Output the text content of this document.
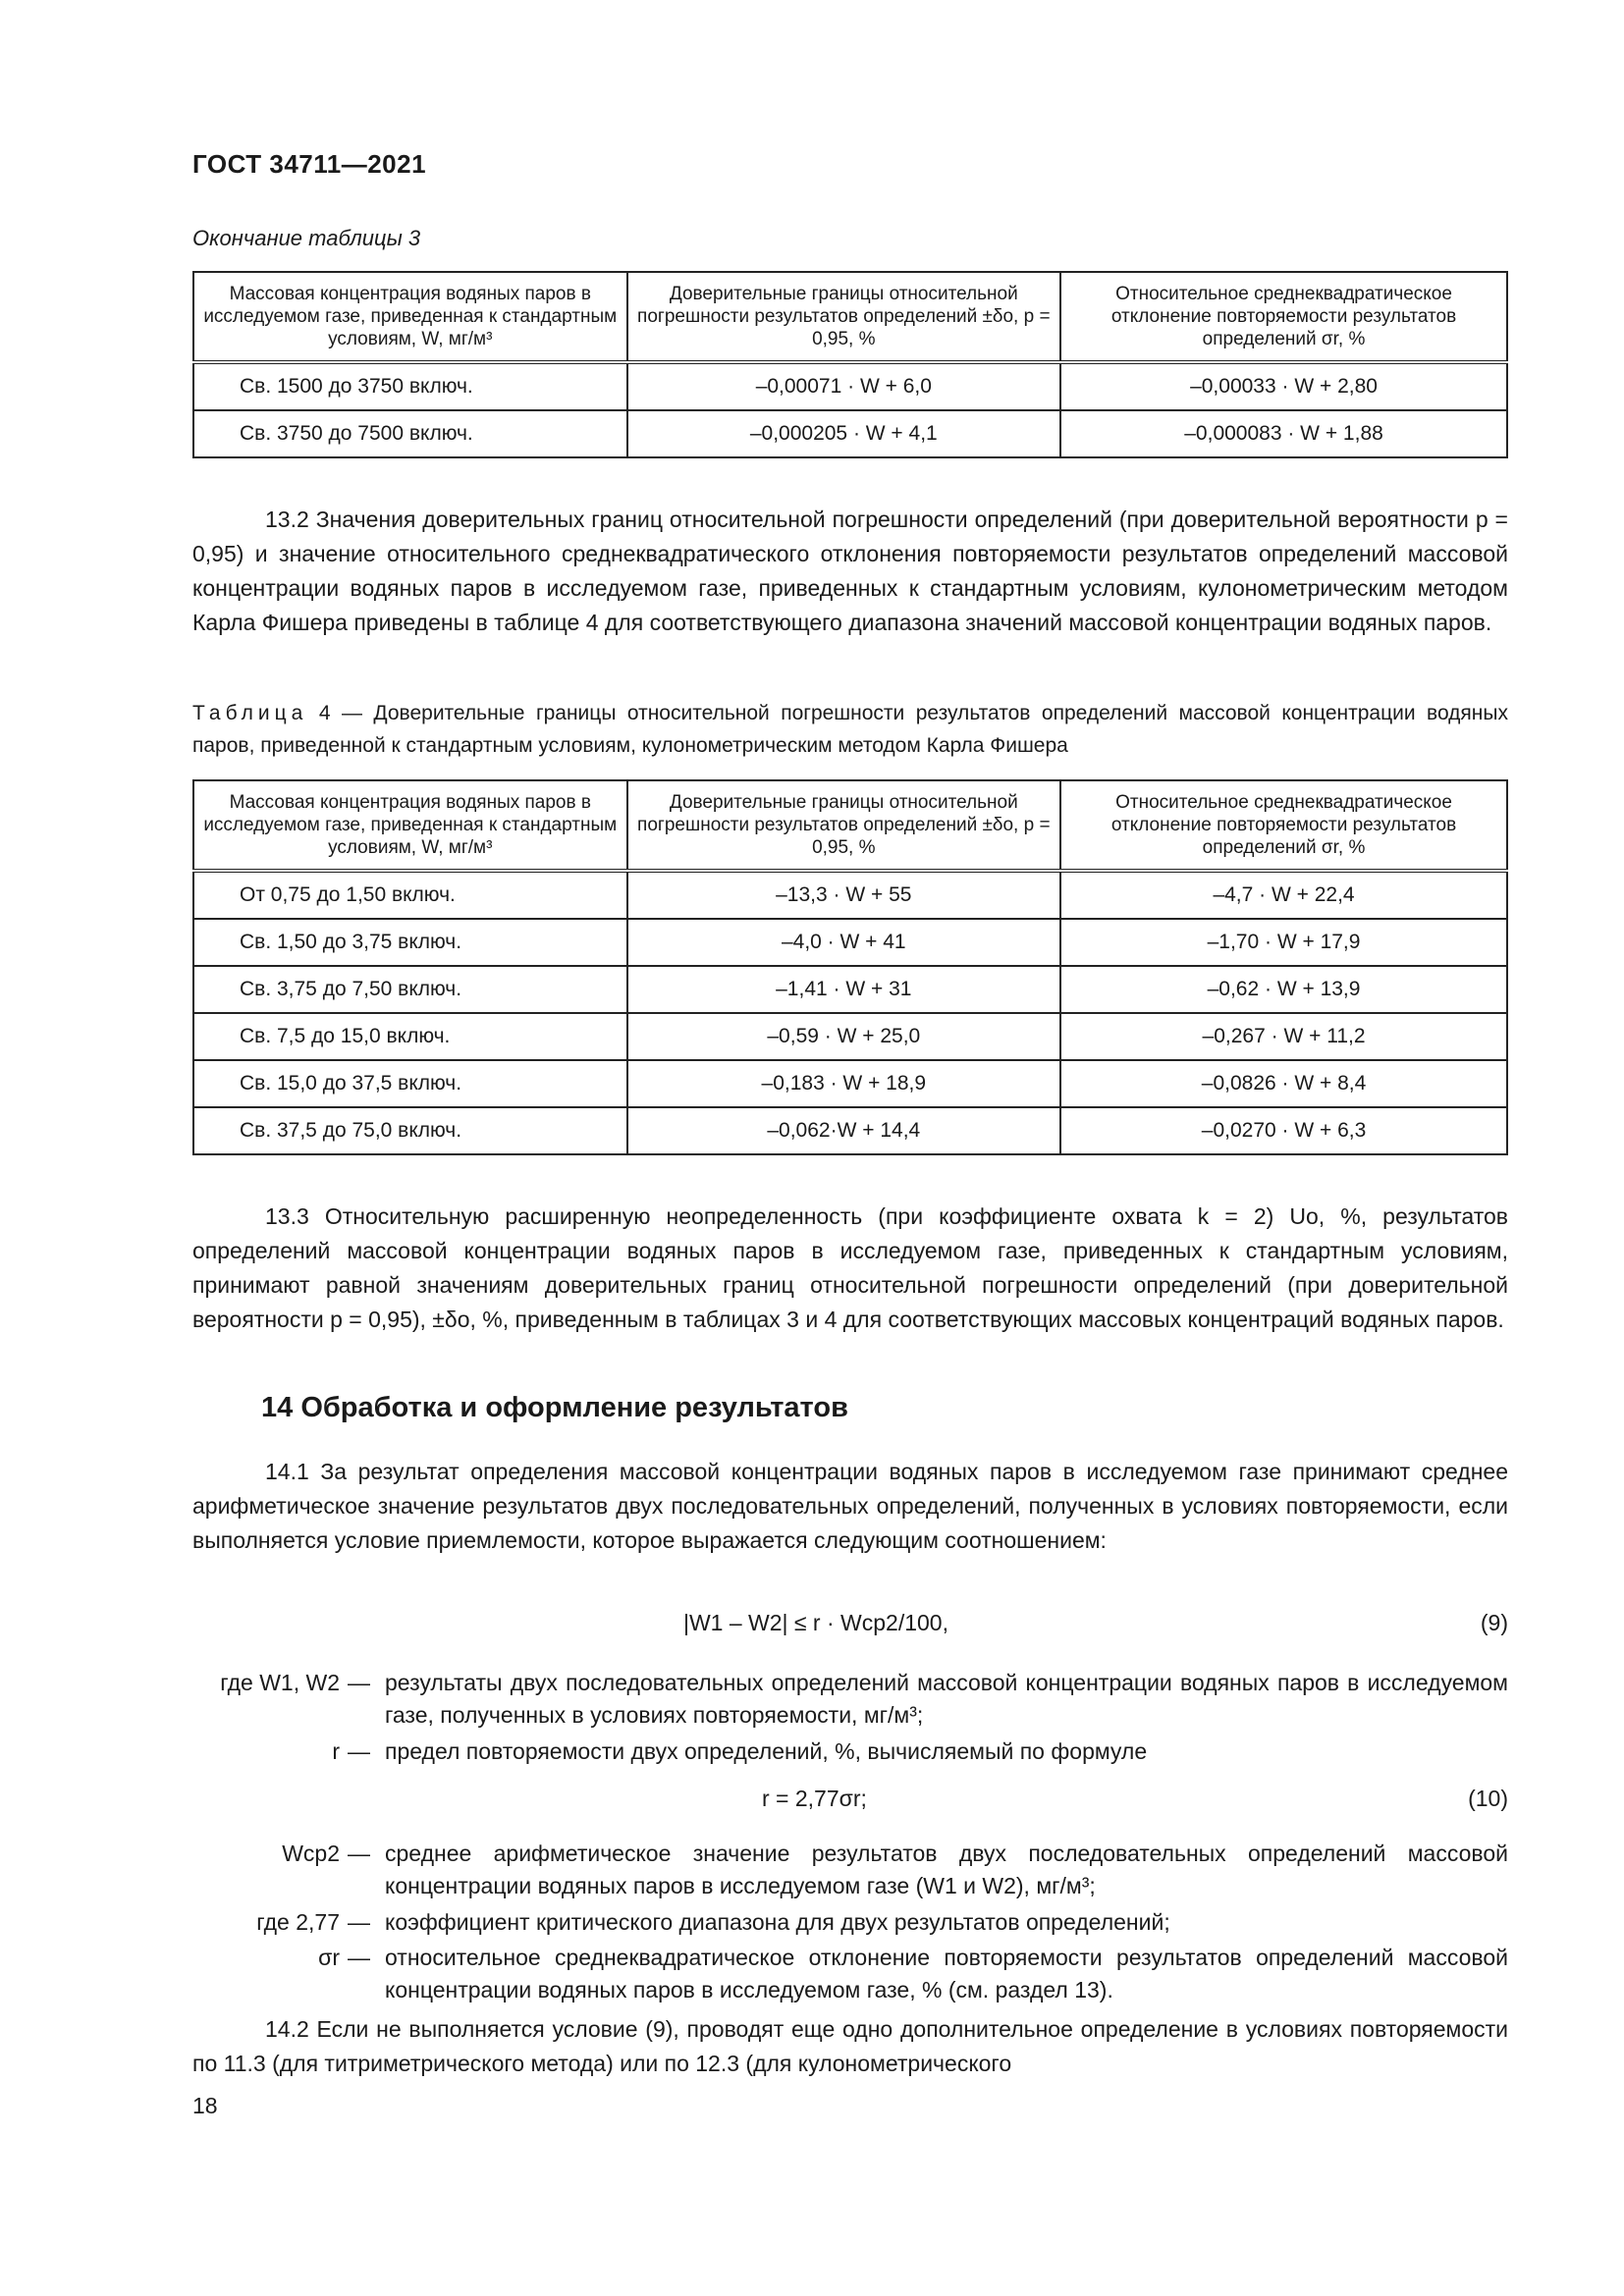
ГОСТ 34711—2021
Окончание таблицы 3
Массовая концентрация водяных паров в исследуемом газе, приведенная к стандартным условиям, W, мг/м³	Доверительные границы относительной погрешности результатов определений ±δо, p = 0,95, %	Относительное среднеквадратическое отклонение повторяемости результатов определений σr, %
Св. 1500 до 3750 включ.	–0,00071 · W + 6,0	–0,00033 · W + 2,80
Св. 3750 до 7500 включ.	–0,000205 · W + 4,1	–0,000083 · W + 1,88
13.2 Значения доверительных границ относительной погрешности определений (при доверительной вероятности p = 0,95) и значение относительного среднеквадратического отклонения повторяемости результатов определений массовой концентрации водяных паров в исследуемом газе, приведенных к стандартным условиям, кулонометрическим методом Карла Фишера приведены в таблице 4 для соответствующего диапазона значений массовой концентрации водяных паров.
Таблица 4 — Доверительные границы относительной погрешности результатов определений массовой концентрации водяных паров, приведенной к стандартным условиям, кулонометрическим методом Карла Фишера
Массовая концентрация водяных паров в исследуемом газе, приведенная к стандартным условиям, W, мг/м³	Доверительные границы относительной погрешности результатов определений ±δо, p = 0,95, %	Относительное среднеквадратическое отклонение повторяемости результатов определений σr, %
От 0,75 до 1,50 включ.	–13,3 · W + 55	–4,7 · W + 22,4
Св. 1,50 до 3,75 включ.	–4,0 · W + 41	–1,70 · W + 17,9
Св. 3,75 до 7,50 включ.	–1,41 · W + 31	–0,62 · W + 13,9
Св. 7,5 до 15,0 включ.	–0,59 · W + 25,0	–0,267 · W + 11,2
Св. 15,0 до 37,5 включ.	–0,183 · W + 18,9	–0,0826 · W + 8,4
Св. 37,5 до 75,0 включ.	–0,062·W + 14,4	–0,0270 · W + 6,3
13.3 Относительную расширенную неопределенность (при коэффициенте охвата k = 2) Uо, %, результатов определений массовой концентрации водяных паров в исследуемом газе, приведенных к стандартным условиям, принимают равной значениям доверительных границ относительной погрешности определений (при доверительной вероятности p = 0,95), ±δо, %, приведенным в таблицах 3 и 4 для соответствующих массовых концентраций водяных паров.
14 Обработка и оформление результатов
14.1 За результат определения массовой концентрации водяных паров в исследуемом газе принимают среднее арифметическое значение результатов двух последовательных определений, полученных в условиях повторяемости, если выполняется условие приемлемости, которое выражается следующим соотношением:
|W1 – W2| ≤ r · Wср2/100,	(9)
где W1, W2 — результаты двух последовательных определений массовой концентрации водяных паров в исследуемом газе, полученных в условиях повторяемости, мг/м³;
r — предел повторяемости двух определений, %, вычисляемый по формуле
r = 2,77σr;	(10)
Wср2 — среднее арифметическое значение результатов двух последовательных определений массовой концентрации водяных паров в исследуемом газе (W1 и W2), мг/м³;
где 2,77 — коэффициент критического диапазона для двух результатов определений;
σr — относительное среднеквадратическое отклонение повторяемости результатов определений массовой концентрации водяных паров в исследуемом газе, % (см. раздел 13).
14.2 Если не выполняется условие (9), проводят еще одно дополнительное определение в условиях повторяемости по 11.3 (для титриметрического метода) или по 12.3 (для кулонометрического
18
